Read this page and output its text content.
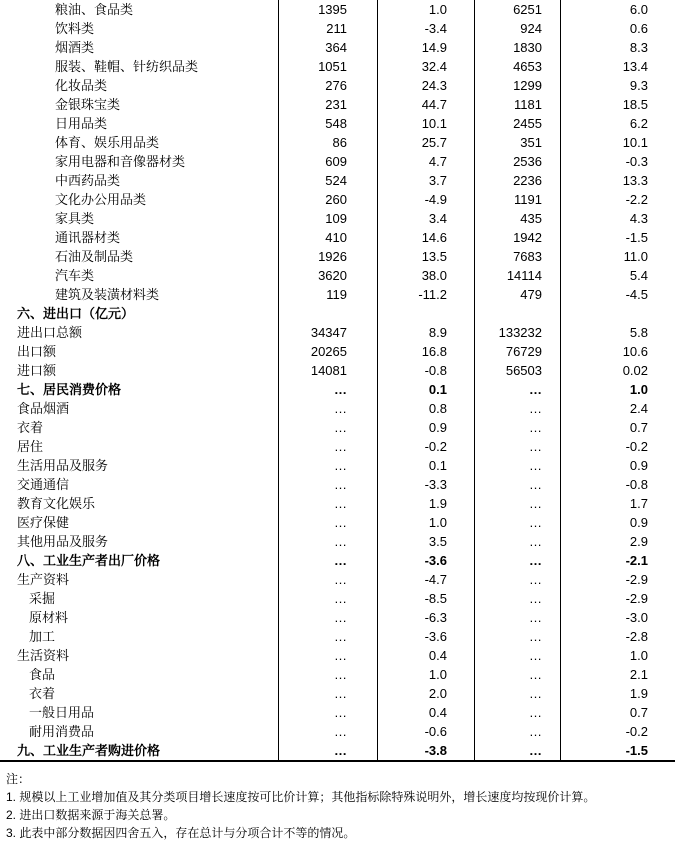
粮油、食品类	1395	1.0	6251	6.0
饮料类	211	-3.4	924	0.6
烟酒类	364	14.9	1830	8.3
服装、鞋帽、针纺织品类	1051	32.4	4653	13.4
化妆品类	276	24.3	1299	9.3
金银珠宝类	231	44.7	1181	18.5
日用品类	548	10.1	2455	6.2
体育、娱乐用品类	86	25.7	351	10.1
家用电器和音像器材类	609	4.7	2536	-0.3
中西药品类	524	3.7	2236	13.3
文化办公用品类	260	-4.9	1191	-2.2
家具类	109	3.4	435	4.3
通讯器材类	410	14.6	1942	-1.5
石油及制品类	1926	13.5	7683	11.0
汽车类	3620	38.0	14114	5.4
建筑及装潢材料类	119	-11.2	479	-4.5
六、进出口（亿元）
进出口总额	34347	8.9	133232	5.8
出口额	20265	16.8	76729	10.6
进口额	14081	-0.8	56503	0.02
七、居民消费价格	…	0.1	…	1.0
食品烟酒	…	0.8	…	2.4
衣着	…	0.9	…	0.7
居住	…	-0.2	…	-0.2
生活用品及服务	…	0.1	…	0.9
交通通信	…	-3.3	…	-0.8
教育文化娱乐	…	1.9	…	1.7
医疗保健	…	1.0	…	0.9
其他用品及服务	…	3.5	…	2.9
八、工业生产者出厂价格	…	-3.6	…	-2.1
生产资料	…	-4.7	…	-2.9
采掘	…	-8.5	…	-2.9
原材料	…	-6.3	…	-3.0
加工	…	-3.6	…	-2.8
生活资料	…	0.4	…	1.0
食品	…	1.0	…	2.1
衣着	…	2.0	…	1.9
一般日用品	…	0.4	…	0.7
耐用消费品	…	-0.6	…	-0.2
九、工业生产者购进价格	…	-3.8	…	-1.5
注：
1. 规模以上工业增加值及其分类项目增长速度按可比价计算；其他指标除特殊说明外，增长速度均按现价计算。
2. 进出口数据来源于海关总署。
3. 此表中部分数据因四舍五入，存在总计与分项合计不等的情况。
